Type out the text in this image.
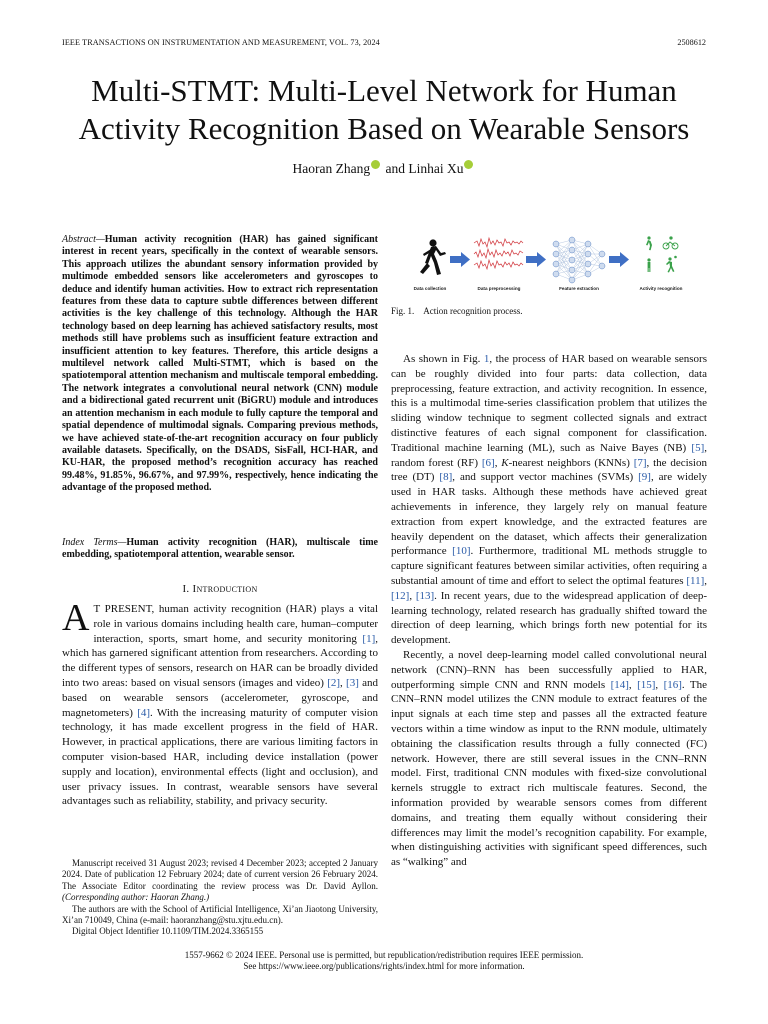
IEEE TRANSACTIONS ON INSTRUMENTATION AND MEASUREMENT, VOL. 73, 2024	2508612
Multi-STMT: Multi-Level Network for Human
Activity Recognition Based on Wearable Sensors
Haoran Zhang and Linhai Xu
Abstract—Human activity recognition (HAR) has gained significant interest in recent years, specifically in the context of wearable sensors. This approach utilizes the abundant sensory information provided by multimode embedded sensors like accelerometers and gyroscopes to deduce and identify human activities. How to extract rich representation features from these data to capture subtle differences between different activities is the key challenge of this technology. Although the HAR technology based on deep learning has achieved satisfactory results, most methods still have problems such as insufficient feature extraction and insufficient attention to key features. Therefore, this article designs a multilevel network called Multi-STMT, which is based on the spatiotemporal attention mechanism and multiscale temporal embedding. The network integrates a convolutional neural network (CNN) module and a bidirectional gated recurrent unit (BiGRU) module and introduces an attention mechanism in each module to fully capture the temporal and spatial dependence of multimodal signals. Comparing previous methods, we have achieved state-of-the-art recognition accuracy on four publicly available datasets. Specifically, on the DSADS, SisFall, HCI-HAR, and KU-HAR, the proposed method’s recognition accuracy has reached 99.48%, 91.85%, 96.67%, and 97.99%, respectively, hence indicating the advantage of the proposed method.
Index Terms—Human activity recognition (HAR), multiscale time embedding, spatiotemporal attention, wearable sensor.
I. Introduction
A T PRESENT, human activity recognition (HAR) plays a vital role in various domains including health care, human–computer interaction, sports, smart home, and security monitoring [1], which has garnered significant attention from researchers. According to the different types of sensors, research on HAR can be broadly divided into two areas: based on visual sensors (images and video) [2], [3] and based on wearable sensors (accelerometer, gyroscope, and magnetometers) [4]. With the increasing maturity of computer vision technology, it has made excellent progress in the field of HAR. However, in practical applications, there are various limiting factors in computer vision-based HAR, including device installation (power supply and location), environmental effects (light and occlusion), and user privacy issues. In contrast, wearable sensors have several advantages such as reliability, stability, and privacy security.

Manuscript received 31 August 2023; revised 4 December 2023; accepted 2 January 2024. Date of publication 12 February 2024; date of current version 26 February 2024. The Associate Editor coordinating the review process was Dr. David Ayllon. (Corresponding author: Haoran Zhang.)

The authors are with the School of Artificial Intelligence, Xi’an Jiaotong University, Xi’an 710049, China (e-mail: haoranzhang@stu.xjtu.edu.cn).

Digital Object Identifier 10.1109/TIM.2024.3365155

Data collection	Data preprocessing	Feature extraction	Activity recognition
Fig. 1. Action recognition process.

As shown in Fig. 1, the process of HAR based on wearable sensors can be roughly divided into four parts: data collection, data preprocessing, feature extraction, and activity recognition. In essence, this is a multimodal time-series classification problem that utilizes the sliding window technique to segment collected signals and extract distinctive features of each signal component for classification. Traditional machine learning (ML), such as Naive Bayes (NB) [5], random forest (RF) [6], K-nearest neighbors (KNNs) [7], the decision tree (DT) [8], and support vector machines (SVMs) [9], are widely used in HAR tasks. Although these methods have achieved great achievements in inference, they largely rely on manual feature extraction from expert knowledge, and the extracted features are heavily dependent on the dataset, which affects their generalization performance [10]. Furthermore, traditional ML methods struggle to capture significant features between similar activities, often requiring a substantial amount of time and effort to select the optimal features [11], [12], [13]. In recent years, due to the widespread application of deep-learning technology, related research has gradually shifted toward the direction of deep learning, which brings forth new potential for its development.

Recently, a novel deep-learning model called convolutional neural network (CNN)–RNN has been successfully applied to HAR, outperforming simple CNN and RNN models [14], [15], [16]. The CNN–RNN model utilizes the CNN module to extract features of the input signals at each time step and passes all the extracted feature vectors within a time window as input to the RNN module, ultimately obtaining the classification results through a fully connected (FC) network. However, there are still several issues in the CNN–RNN model. First, traditional CNN modules with fixed-size convolutional kernels struggle to extract rich multiscale features. Second, the information provided by wearable sensors comes from different domains, and treating them equally without considering their differences may limit the model’s recognition capability. For example, when distinguishing activities with significant speed differences, such as “walking” and

1557-9662 © 2024 IEEE. Personal use is permitted, but republication/redistribution requires IEEE permission.
See https://www.ieee.org/publications/rights/index.html for more information.
